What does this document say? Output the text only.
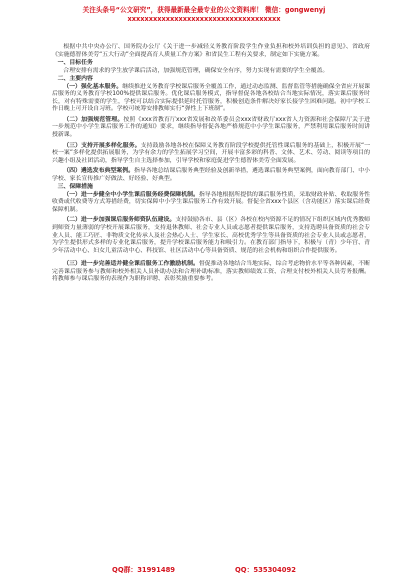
关注头条号“公文研究”，获得最新最全最专业的公文资料库！ 微信：gongwenyj
xxxxxxxxxxxxxxxxxxxxxxxxxxxxxxxxxxxx

根据中共中央办公厅、国务院办公厅《关于进一步减轻义务教育阶段学生作业负担和校外培训负担的意见》、省政府《实施德智体美劳“五大行动”全面提高育人质量工作方案》和省民生工程有关要求，制定如下实施方案。

一、目标任务

合理安排有需求的学生放学课后活动，加强规范管理，确保安全有序，努力实现有需要的学生全覆盖。

二、主要内容

（一）强化基本服务。继续推进义务教育学校课后服务全覆盖工作，通过动态监测、监督监管等措施确保全省应开展课后服务的义务教育学校100%提供课后服务。优化课后服务模式，指导督促各地各校结合当地实际情况，落实课后服务时长，对有特殊需要的学生，学校可以结合实际提供延时托管服务，积极创造条件解决好家长接学生困难问题。初中学校工作日晚上可开设自习班。学校可统筹安排教师实行“弹性上下班制”。

（二）加强规范管理。按照《xxx省教育厅xxx省发展和改革委员会xxx省财政厅xxx省人力资源和社会保障厅关于进一步规范中小学生课后服务工作的通知》要求，继续指导督促各地严格规范中小学生课后服务，严禁利用课后服务时间讲授新课。

（三）支持开展多样化服务。支持鼓励各地各校在保障义务教育阶段学校提供托管性课后服务的基础上，积极开展“一校一案”多样化提供拓展服务，为学有余力的学生拓展学习空间，开展丰富多彩的科普、文体、艺术、劳动、阅读等项目的兴趣小组及社团活动，指导学生自主选择参加，引导学校和家庭促进学生德智体美劳全面发展。

（四）遴选发布典型案例。指导各地总结课后服务典型经验及创新举措，遴选课后服务典型案例，面向教育部门、中小学校、家长宣传推广好做法、好经验、好典型。

三、保障措施

（一）进一步健全中小学生课后服务经费保障机制。指导各地根据所提供的课后服务性质，采取财政补贴、收取服务性收费或代收费等方式筹措经费，切实保障中小学生课后服务工作有效开展。督促全省xxx个县区（含功能区）落实课后经费保障机制。

（二）进一步加强课后服务师资队伍建设。支持鼓励各市、县（区）各校在校内资源不足的情况下组织区域内优秀教师到师资力量薄弱的学校开展课后服务，支持退休教师、社会专业人员或志愿者提供课后服务，支持选聘具备资质的社会专业人员、能工巧匠、非物质文化传承人及社会热心人士、学生家长、高校优秀学生等具备资质的社会专业人员或志愿者，为学生提供形式多样的专业化课后服务，提升学校课后服务能力和吸引力。在教育部门指导下，积极与（青）少年宫、青少年活动中心、妇女儿童活动中心、科技馆、社区活动中心等具备资质、规范的社会机构和组织合作提供服务。

（三）进一步完善适并健全课后服务工作激励机制。督促推动各地结合当地实际，综合考虑物价水平等各种因素，不断完善课后服务参与教师和校外相关人员补助办法和合理补助标准，落实教师绩效工资、合理支付校外相关人员劳务报酬。将教师参与课后服务的表现作为职称评聘、表彰奖励重要参考。

QQ群：31991489	QQ：535304092
